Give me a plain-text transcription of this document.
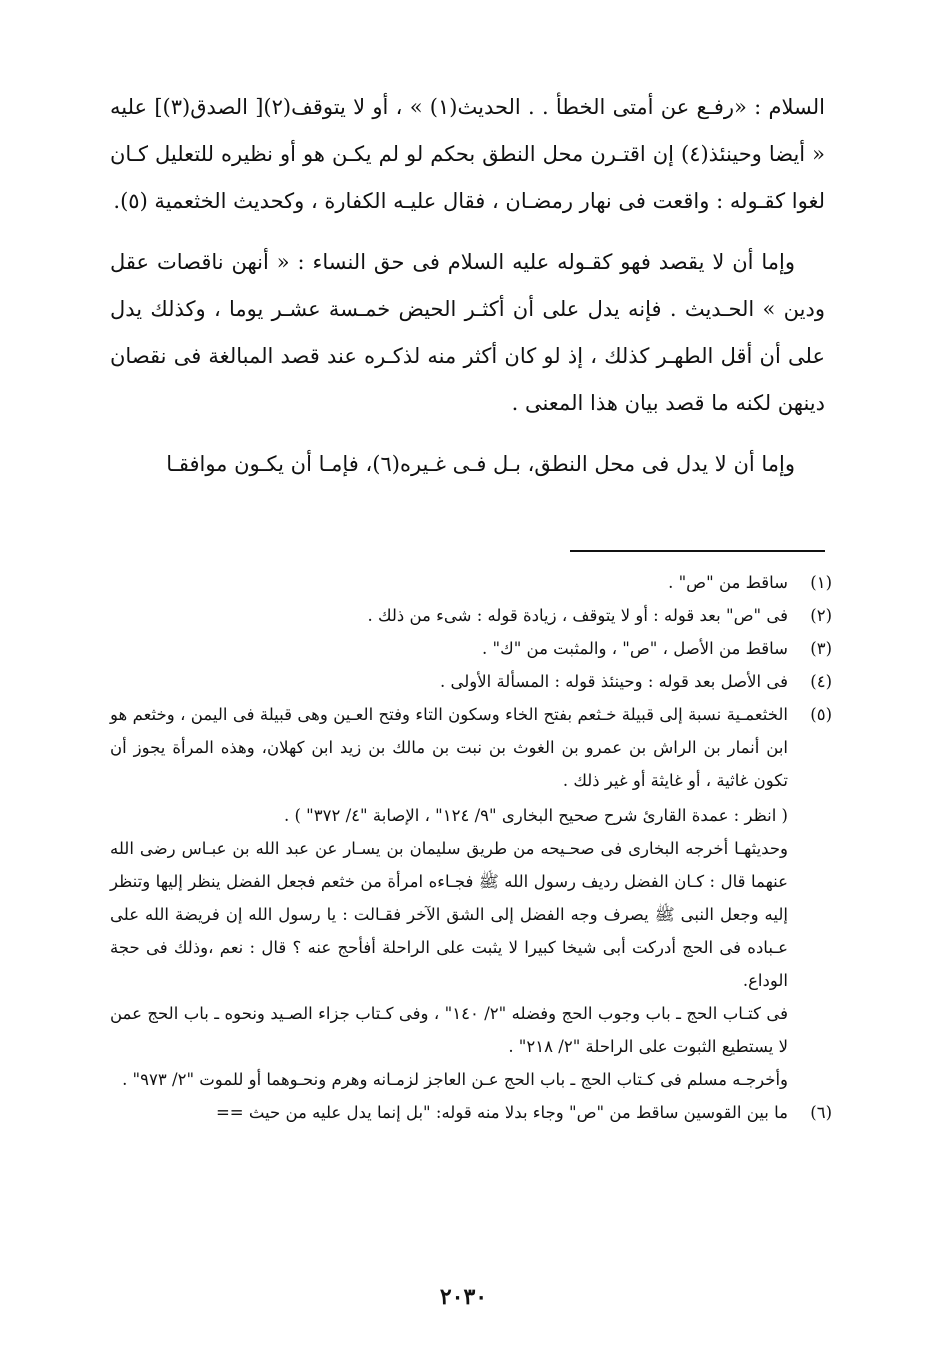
السلام : «رفـع عن أمتى الخطأ . . الحديث(١) » ، أو لا يتوقف(٢)[ الصدق(٣)] عليه « أيضا وحينئذ(٤) إن اقتـرن محل النطق بحكم لو لم يكـن هو أو نظيره للتعليل كـان لغوا كقـوله : واقعت فى نهار رمضـان ، فقال عليـه الكفارة ، وكحديث الخثعمية (٥).

وإما أن لا يقصد فهو كقـوله عليه السلام فى حق النساء : « أنهن ناقصات عقل ودين » الحـديث . فإنه يدل على أن أكثـر الحيض خمـسة عشـر يوما ، وكذلك يدل على أن أقل الطهـر كذلك ، إذ لو كان أكثر منه لذكـره عند قصد المبالغة فى نقصان دينهن لكنه ما قصد بيان هذا المعنى .

وإما أن لا يدل فى محل النطق، بـل فـى غـيره(٦)، فإمـا أن يكـون موافقـا

(١)
ساقط من "ص" .
(٢)
فى "ص" بعد قوله : أو لا يتوقف ، زيادة قوله : شىء من ذلك .
(٣)
ساقط من الأصل ، "ص" ، والمثبت من "ك" .
(٤)
فى الأصل بعد قوله : وحينئذ قوله : المسألة الأولى .
(٥)
الخثعمـية نسبة إلى قبيلة خـثعم بفتح الخاء وسكون التاء وفتح العـين وهى قبيلة فى اليمن ، وخثعم هو ابن أنمار بن الراش بن عمرو بن الغوث بن نبت بن مالك بن زيد ابن كهلان، وهذه المرأة يجوز أن تكون غاثية ، أو غايثة أو غير ذلك .
( انظر : عمدة القارئ شرح صحيح البخارى "٩/ ١٢٤" ، الإصابة "٤/ ٣٧٢" ) .
وحديثهـا أخرجه البخارى فى صحـيحه من طريق سليمان بن يسـار عن عبد الله بن عبـاس رضى الله عنهما قال : كـان الفضل رديف رسول الله ﷺ فجـاءه امرأة من خثعم فجعل الفضل ينظر إليها وتنظر إليه وجعل النبى ﷺ يصرف وجه الفضل إلى الشق الآخر فقـالت : يا رسول الله إن فريضة الله على عـباده فى الحج أدركت أبى شيخا كبيرا لا يثبت على الراحلة أفأحج عنه ؟ قال : نعم ،وذلك فى حجة الوداع.
فى كتـاب الحج ـ باب وجوب الحج وفضله "٢/ ١٤٠" ، وفى كـتاب جزاء الصـيد ونحوه ـ باب الحج عمن لا يستطيع الثبوت على الراحلة "٢/ ٢١٨" .
وأخرجـه مسلم فى كـتاب الحج ـ باب الحج عـن العاجز لزمـانه وهرم ونحـوهما أو للموت "٢/ ٩٧٣" .
(٦)
ما بين القوسين ساقط من "ص" وجاء بدلا منه قوله: "بل إنما يدل عليه من حيث ==
٢٠٣٠
